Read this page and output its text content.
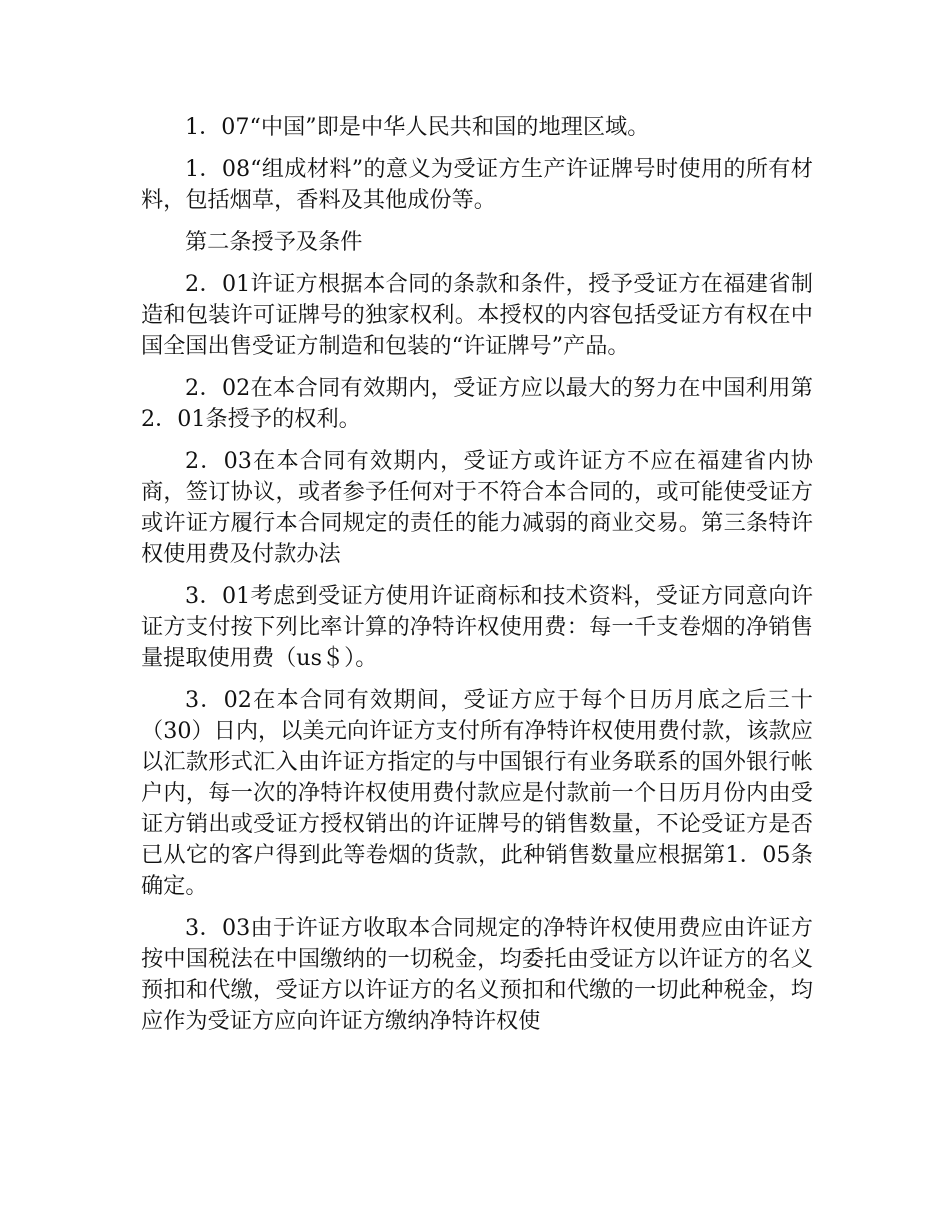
1．07“中国”即是中华人民共和国的地理区域。

1．08“组成材料”的意义为受证方生产许证牌号时使用的所有材料，包括烟草，香料及其他成份等。

第二条授予及条件

2．01许证方根据本合同的条款和条件，授予受证方在福建省制造和包装许可证牌号的独家权利。本授权的内容包括受证方有权在中国全国出售受证方制造和包装的“许证牌号”产品。

2．02在本合同有效期内，受证方应以最大的努力在中国利用第2．01条授予的权利。

2．03在本合同有效期内，受证方或许证方不应在福建省内协商，签订协议，或者参予任何对于不符合本合同的，或可能使受证方或许证方履行本合同规定的责任的能力减弱的商业交易。第三条特许权使用费及付款办法

3．01考虑到受证方使用许证商标和技术资料，受证方同意向许证方支付按下列比率计算的净特许权使用费：每一千支卷烟的净销售量提取使用费（us＄）。

3．02在本合同有效期间，受证方应于每个日历月底之后三十（30）日内，以美元向许证方支付所有净特许权使用费付款，该款应以汇款形式汇入由许证方指定的与中国银行有业务联系的国外银行帐户内，每一次的净特许权使用费付款应是付款前一个日历月份内由受证方销出或受证方授权销出的许证牌号的销售数量，不论受证方是否已从它的客户得到此等卷烟的货款，此种销售数量应根据第1．05条确定。

3．03由于许证方收取本合同规定的净特许权使用费应由许证方按中国税法在中国缴纳的一切税金，均委托由受证方以许证方的名义预扣和代缴，受证方以许证方的名义预扣和代缴的一切此种税金，均应作为受证方应向许证方缴纳净特许权使
